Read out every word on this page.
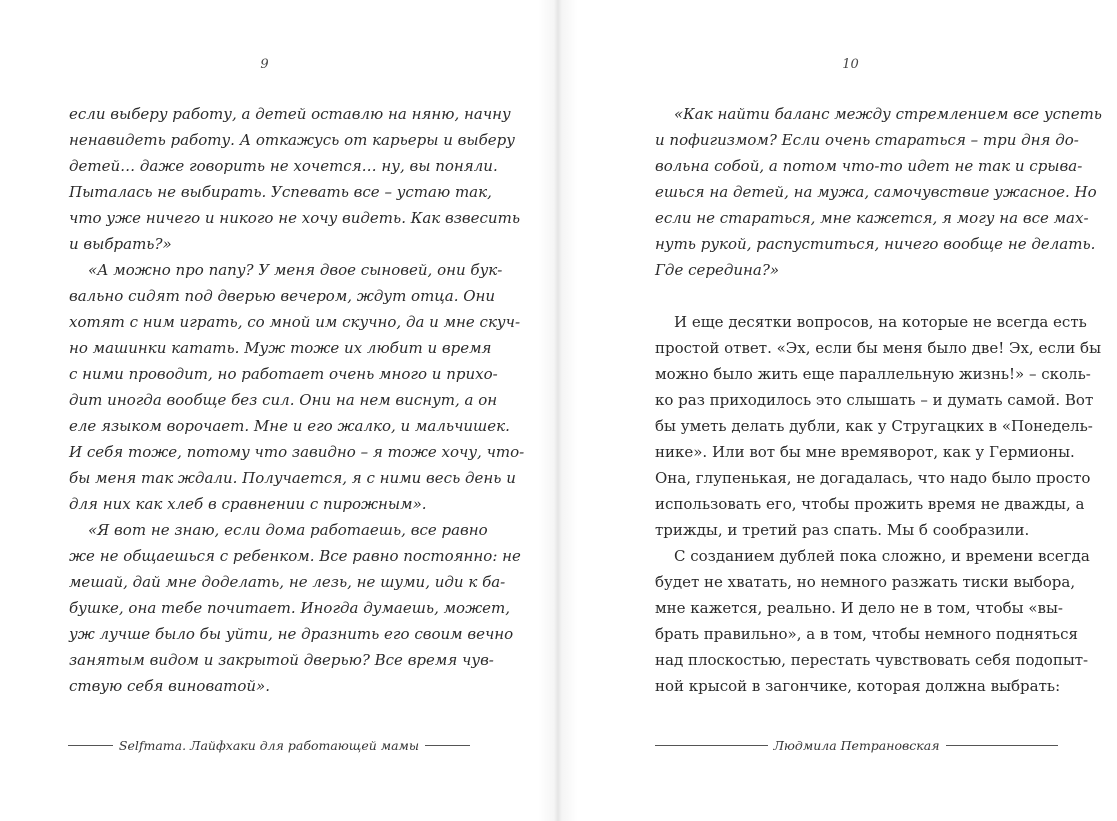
9
если выберу работу, а детей оставлю на няню, начну
ненавидеть работу. А откажусь от карьеры и выберу
детей… даже говорить не хочется… ну, вы поняли.
Пыталась не выбирать. Успевать все – устаю так,
что уже ничего и никого не хочу видеть. Как взвесить
и выбрать?»
«А можно про папу? У меня двое сыновей, они бук-
вально сидят под дверью вечером, ждут отца. Они
хотят с ним играть, со мной им скучно, да и мне скуч-
но машинки катать. Муж тоже их любит и время
с ними проводит, но работает очень много и прихо-
дит иногда вообще без сил. Они на нем виснут, а он
еле языком ворочает. Мне и его жалко, и мальчишек.
И себя тоже, потому что завидно – я тоже хочу, что-
бы меня так ждали. Получается, я с ними весь день и
для них как хлеб в сравнении с пирожным».
«Я вот не знаю, если дома работаешь, все равно
же не общаешься с ребенком. Все равно постоянно: не
мешай, дай мне доделать, не лезь, не шуми, иди к ба-
бушке, она тебе почитает. Иногда думаешь, может,
уж лучше было бы уйти, не дразнить его своим вечно
занятым видом и закрытой дверью? Все время чув-
ствую себя виноватой».
Selfmama. Лайфхаки для работающей мамы
10
«Как найти баланс между стремлением все успеть
и пофигизмом? Если очень стараться – три дня до-
вольна собой, а потом что-то идет не так и срыва-
ешься на детей, на мужа, самочувствие ужасное. Но
если не стараться, мне кажется, я могу на все мах-
нуть рукой, распуститься, ничего вообще не делать.
Где середина?»
И еще десятки вопросов, на которые не всегда есть
простой ответ. «Эх, если бы меня было две! Эх, если бы
можно было жить еще параллельную жизнь!» – сколь-
ко раз приходилось это слышать – и думать самой. Вот
бы уметь делать дубли, как у Стругацких в «Понедель-
нике». Или вот бы мне времяворот, как у Гермионы.
Она, глупенькая, не догадалась, что надо было просто
использовать его, чтобы прожить время не дважды, а
трижды, и третий раз спать. Мы б сообразили.
С созданием дублей пока сложно, и времени всегда
будет не хватать, но немного разжать тиски выбора,
мне кажется, реально. И дело не в том, чтобы «вы-
брать правильно», а в том, чтобы немного подняться
над плоскостью, перестать чувствовать себя подопыт-
ной крысой в загончике, которая должна выбрать:
Людмила Петрановская
